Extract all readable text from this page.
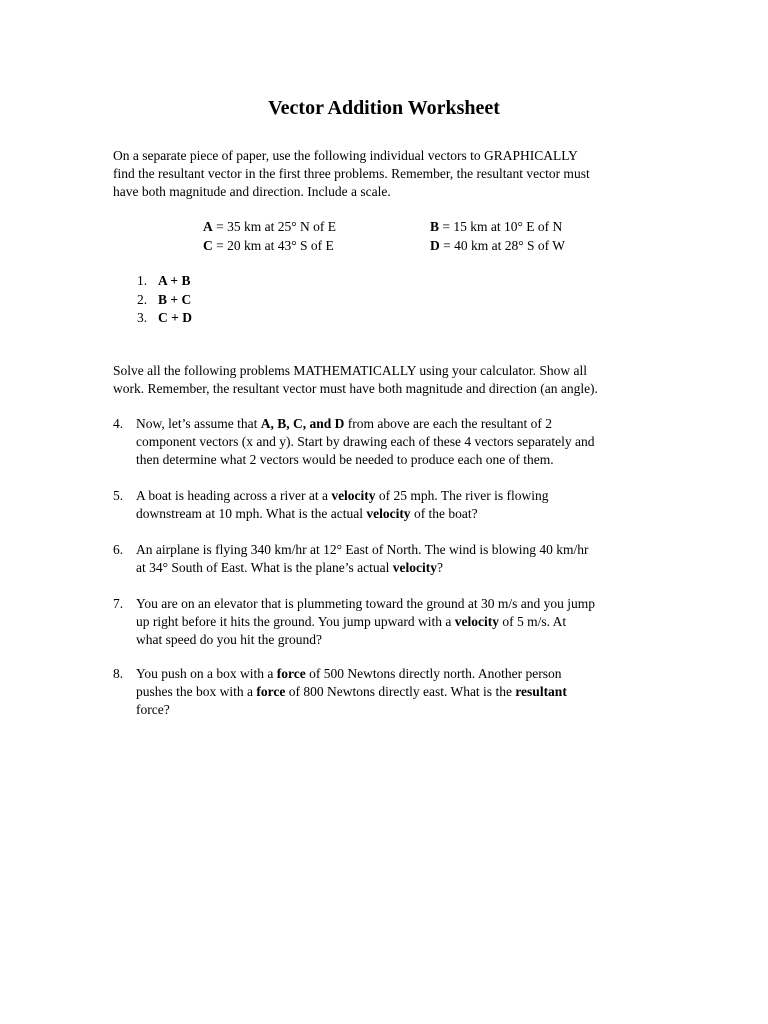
Vector Addition Worksheet
On a separate piece of paper, use the following individual vectors to GRAPHICALLY
find the resultant vector in the first three problems. Remember, the resultant vector must
have both magnitude and direction. Include a scale.
A = 35 km at 25° N of E	B = 15 km at 10° E of N
C = 20 km at 43° S of E	D = 40 km at 28° S of W
1. A + B
2. B + C
3. C + D
Solve all the following problems MATHEMATICALLY using your calculator. Show all
work. Remember, the resultant vector must have both magnitude and direction (an angle).
4. Now, let’s assume that A, B, C, and D from above are each the resultant of 2
component vectors (x and y). Start by drawing each of these 4 vectors separately and
then determine what 2 vectors would be needed to produce each one of them.
5. A boat is heading across a river at a velocity of 25 mph. The river is flowing
downstream at 10 mph. What is the actual velocity of the boat?
6. An airplane is flying 340 km/hr at 12° East of North. The wind is blowing 40 km/hr
at 34° South of East. What is the plane’s actual velocity?
7. You are on an elevator that is plummeting toward the ground at 30 m/s and you jump
up right before it hits the ground. You jump upward with a velocity of 5 m/s. At
what speed do you hit the ground?
8. You push on a box with a force of 500 Newtons directly north. Another person
pushes the box with a force of 800 Newtons directly east. What is the resultant
force?
